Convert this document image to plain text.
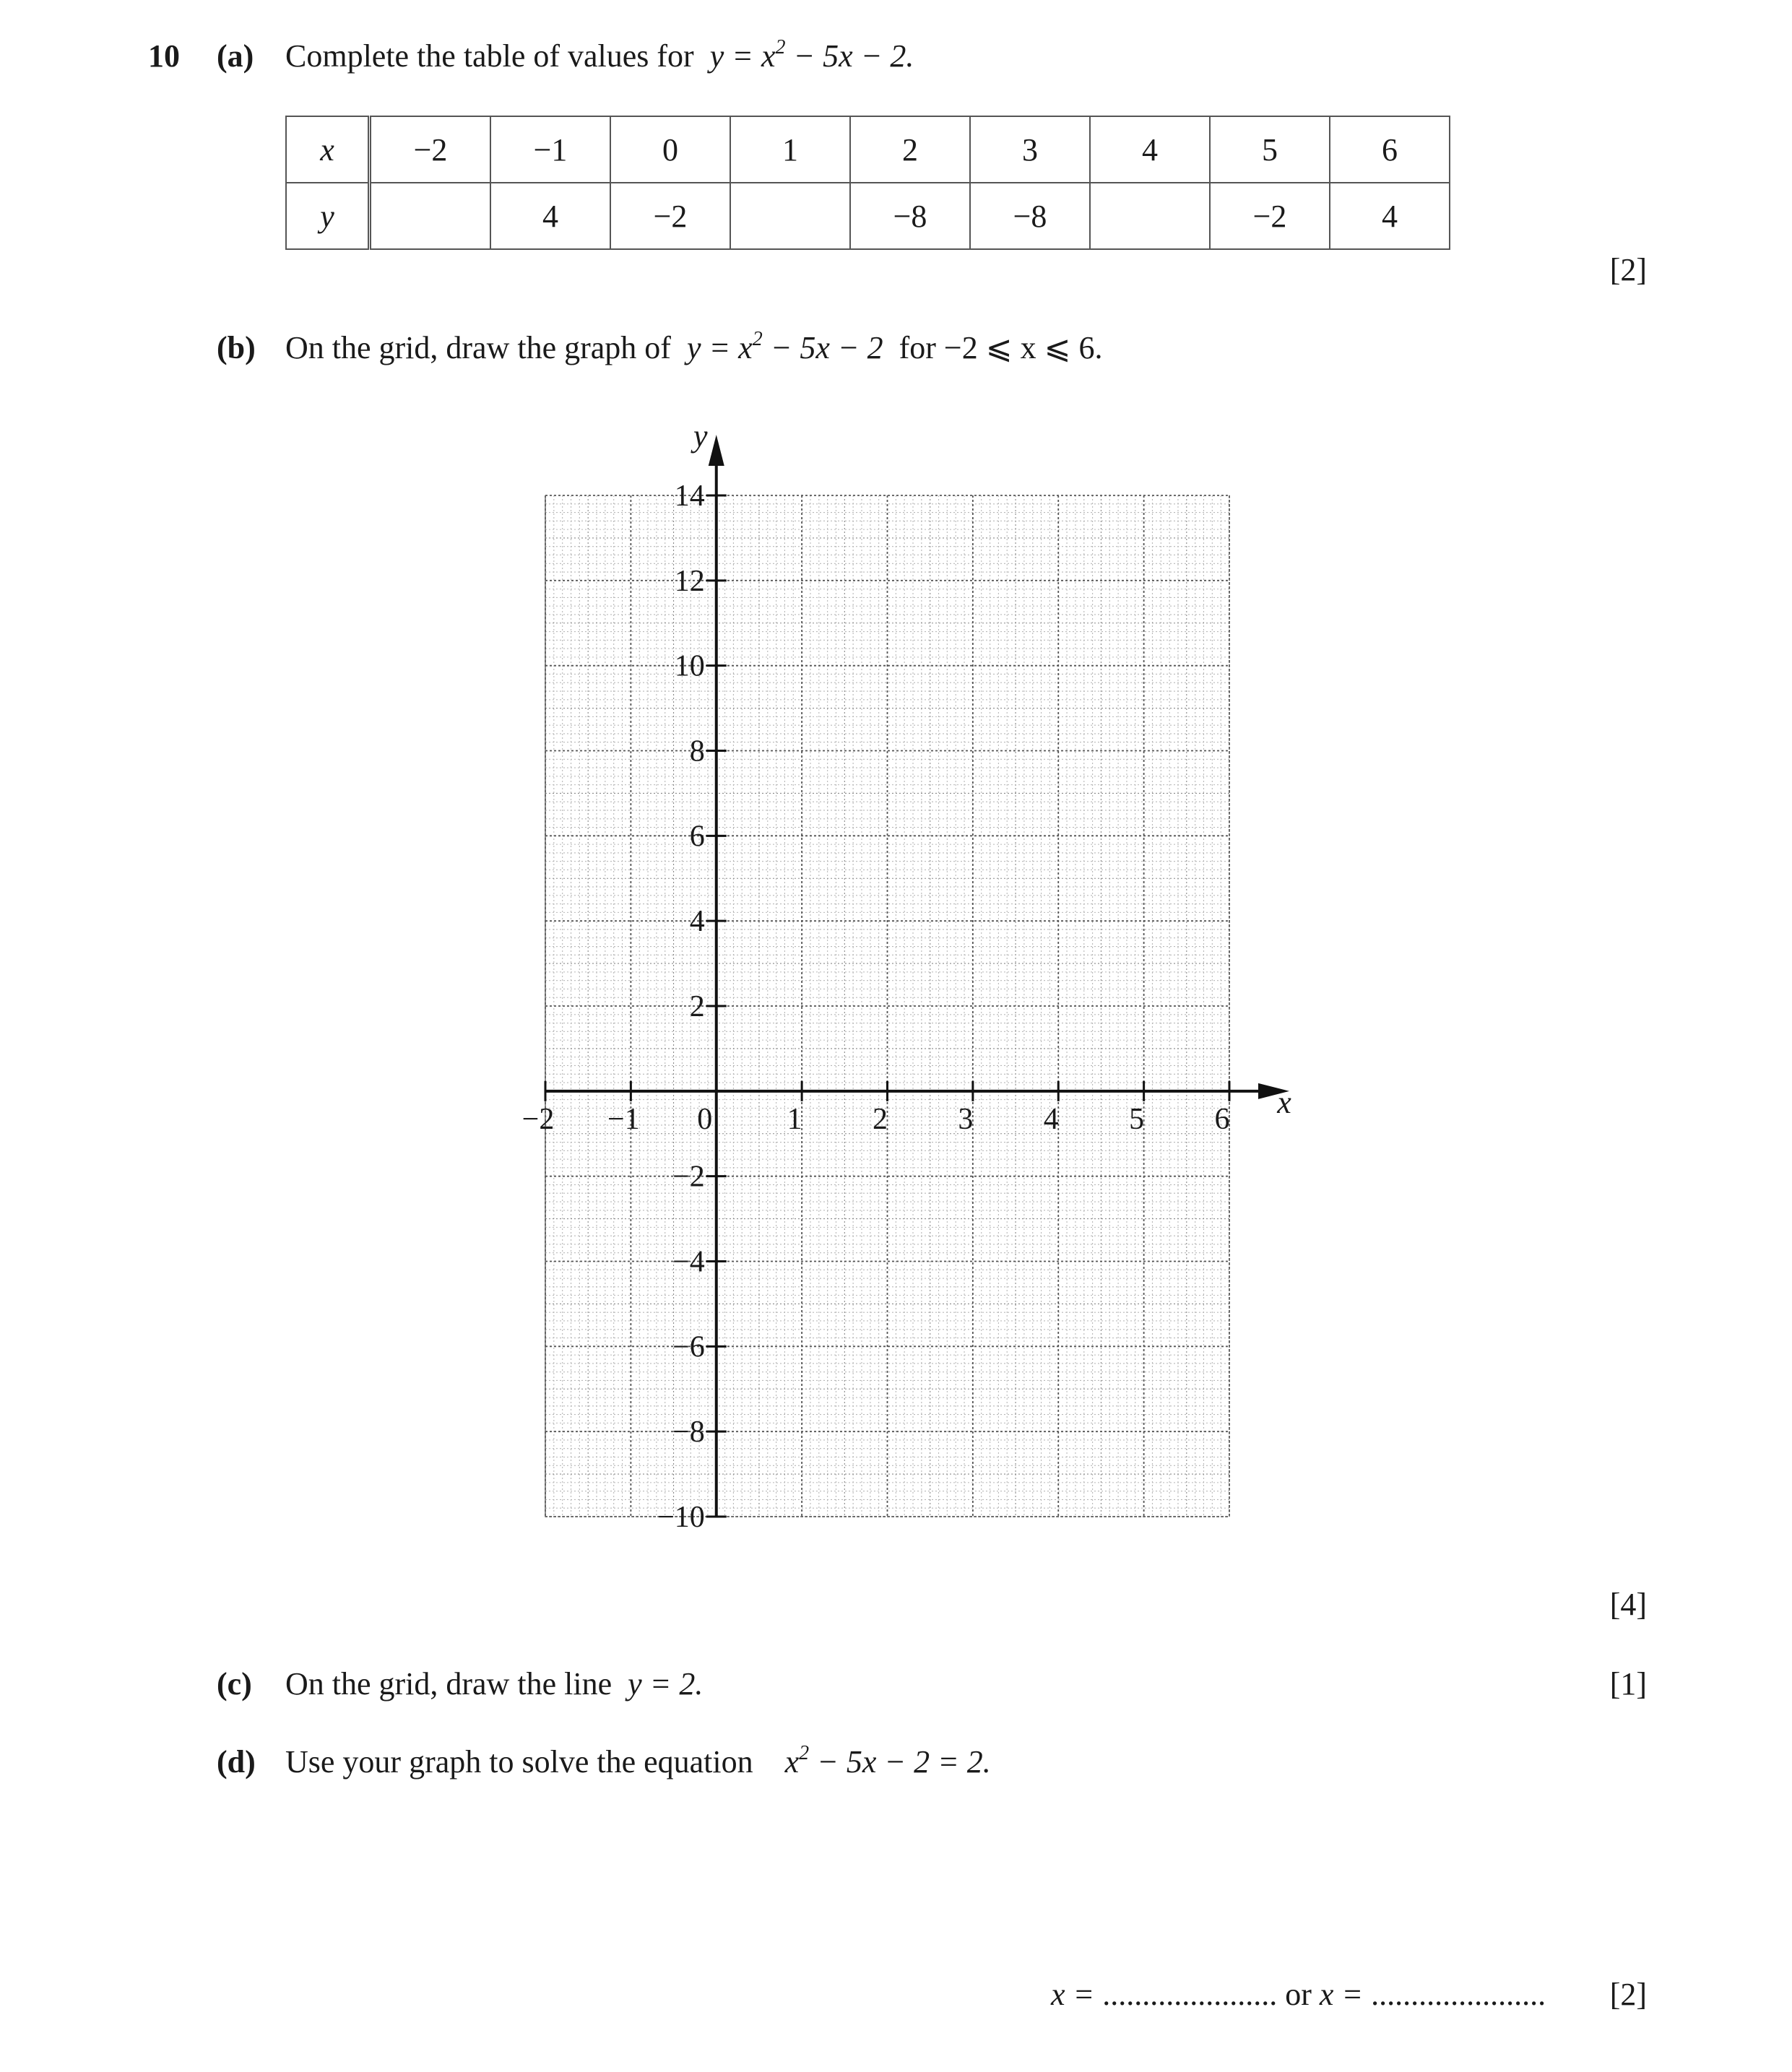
10 (a) Complete the table of values for $y = x^2 - 5x - 2$.
x	−2	−1	0	1	2	3	4	5	6
y		4	−2		−8	−8		−2	4
[2]
(b) On the grid, draw the graph of $y = x^2 - 5x - 2$ for −2 ⩽ x ⩽ 6.
y
x
−2 −1 0 1 2 3 4 5 6
−10
−8
−6
−4
−2
2
4
6
8
10
12
14
[4]
(c) On the grid, draw the line y = 2.	[1]
(d) Use your graph to solve the equation $x^2 - 5x - 2 = 2$.
x = ...................... or x = ......................	[2]
